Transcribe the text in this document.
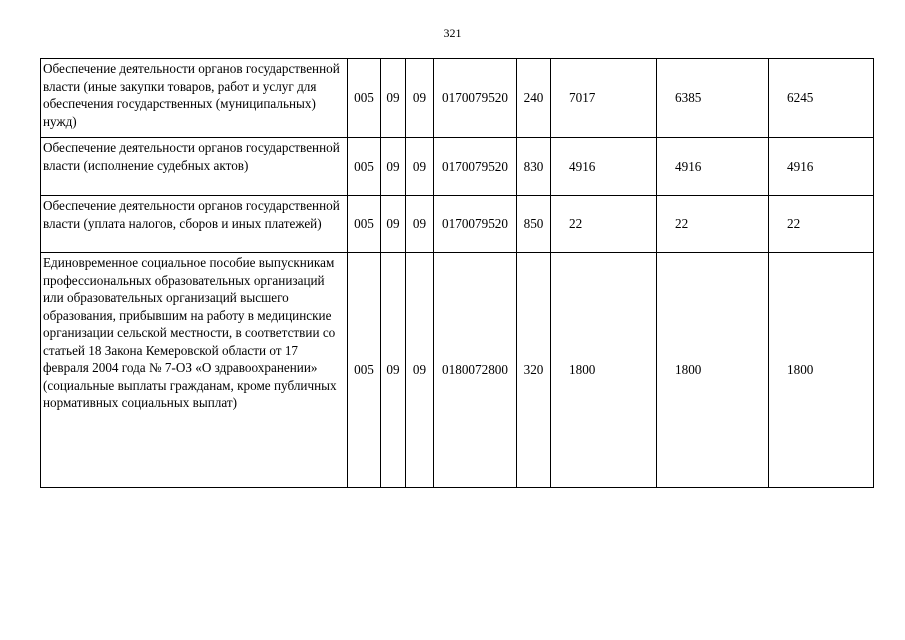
321
Обеспечение деятельности органов государственной власти (иные закупки товаров, работ и услуг для обеспечения государственных (муниципальных) нужд)	005	09	09	0170079520	240	7017	6385	6245
Обеспечение деятельности органов государственной власти (исполнение судебных актов)	005	09	09	0170079520	830	4916	4916	4916
Обеспечение деятельности органов государственной власти (уплата налогов, сборов и иных платежей)	005	09	09	0170079520	850	22	22	22
Единовременное социальное пособие выпускникам профессиональных образовательных организаций или образовательных организаций высшего образования, прибывшим на работу в медицинские организации сельской местности, в соответствии со статьей 18 Закона Кемеровской области от 17 февраля 2004 года № 7-ОЗ «О здравоохранении» (социальные выплаты гражданам, кроме публичных нормативных социальных выплат)	005	09	09	0180072800	320	1800	1800	1800
